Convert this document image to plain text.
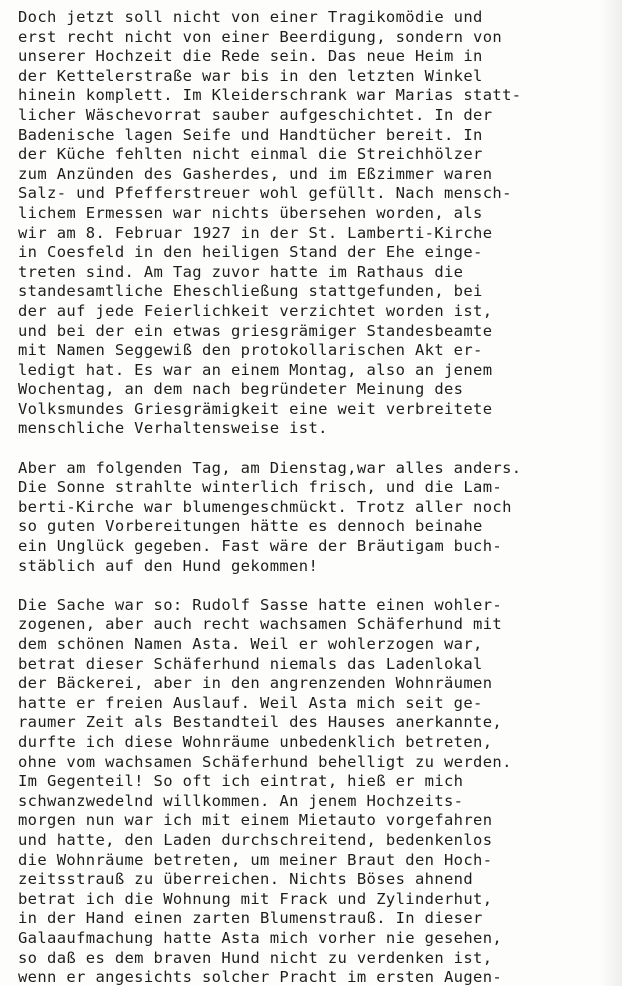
Doch jetzt soll nicht von einer Tragikomödie und
erst recht nicht von einer Beerdigung, sondern von
unserer Hochzeit die Rede sein. Das neue Heim in
der Kettelerstraße war bis in den letzten Winkel
hinein komplett. Im Kleiderschrank war Marias statt-
licher Wäschevorrat sauber aufgeschichtet. In der
Badenische lagen Seife und Handtücher bereit. In
der Küche fehlten nicht einmal die Streichhölzer
zum Anzünden des Gasherdes, und im Eßzimmer waren
Salz- und Pfefferstreuer wohl gefüllt. Nach mensch-
lichem Ermessen war nichts übersehen worden, als
wir am 8. Februar 1927 in der St. Lamberti-Kirche
in Coesfeld in den heiligen Stand der Ehe einge-
treten sind. Am Tag zuvor hatte im Rathaus die
standesamtliche Eheschließung stattgefunden, bei
der auf jede Feierlichkeit verzichtet worden ist,
und bei der ein etwas griesgrämiger Standesbeamte
mit Namen Seggewiß den protokollarischen Akt er-
ledigt hat. Es war an einem Montag, also an jenem
Wochentag, an dem nach begründeter Meinung des
Volksmundes Griesgrämigkeit eine weit verbreitete
menschliche Verhaltensweise ist.
Aber am folgenden Tag, am Dienstag,war alles anders.
Die Sonne strahlte winterlich frisch, und die Lam-
berti-Kirche war blumengeschmückt. Trotz aller noch
so guten Vorbereitungen hätte es dennoch beinahe
ein Unglück gegeben. Fast wäre der Bräutigam buch-
stäblich auf den Hund gekommen!
Die Sache war so: Rudolf Sasse hatte einen wohler-
zogenen, aber auch recht wachsamen Schäferhund mit
dem schönen Namen Asta. Weil er wohlerzogen war,
betrat dieser Schäferhund niemals das Ladenlokal
der Bäckerei, aber in den angrenzenden Wohnräumen
hatte er freien Auslauf. Weil Asta mich seit ge-
raumer Zeit als Bestandteil des Hauses anerkannte,
durfte ich diese Wohnräume unbedenklich betreten,
ohne vom wachsamen Schäferhund behelligt zu werden.
Im Gegenteil! So oft ich eintrat, hieß er mich
schwanzwedelnd willkommen. An jenem Hochzeits-
morgen nun war ich mit einem Mietauto vorgefahren
und hatte, den Laden durchschreitend, bedenkenlos
die Wohnräume betreten, um meiner Braut den Hoch-
zeitsstrauß zu überreichen. Nichts Böses ahnend
betrat ich die Wohnung mit Frack und Zylinderhut,
in der Hand einen zarten Blumenstrauß. In dieser
Galaaufmachung hatte Asta mich vorher nie gesehen,
so daß es dem braven Hund nicht zu verdenken ist,
wenn er angesichts solcher Pracht im ersten Augen-
